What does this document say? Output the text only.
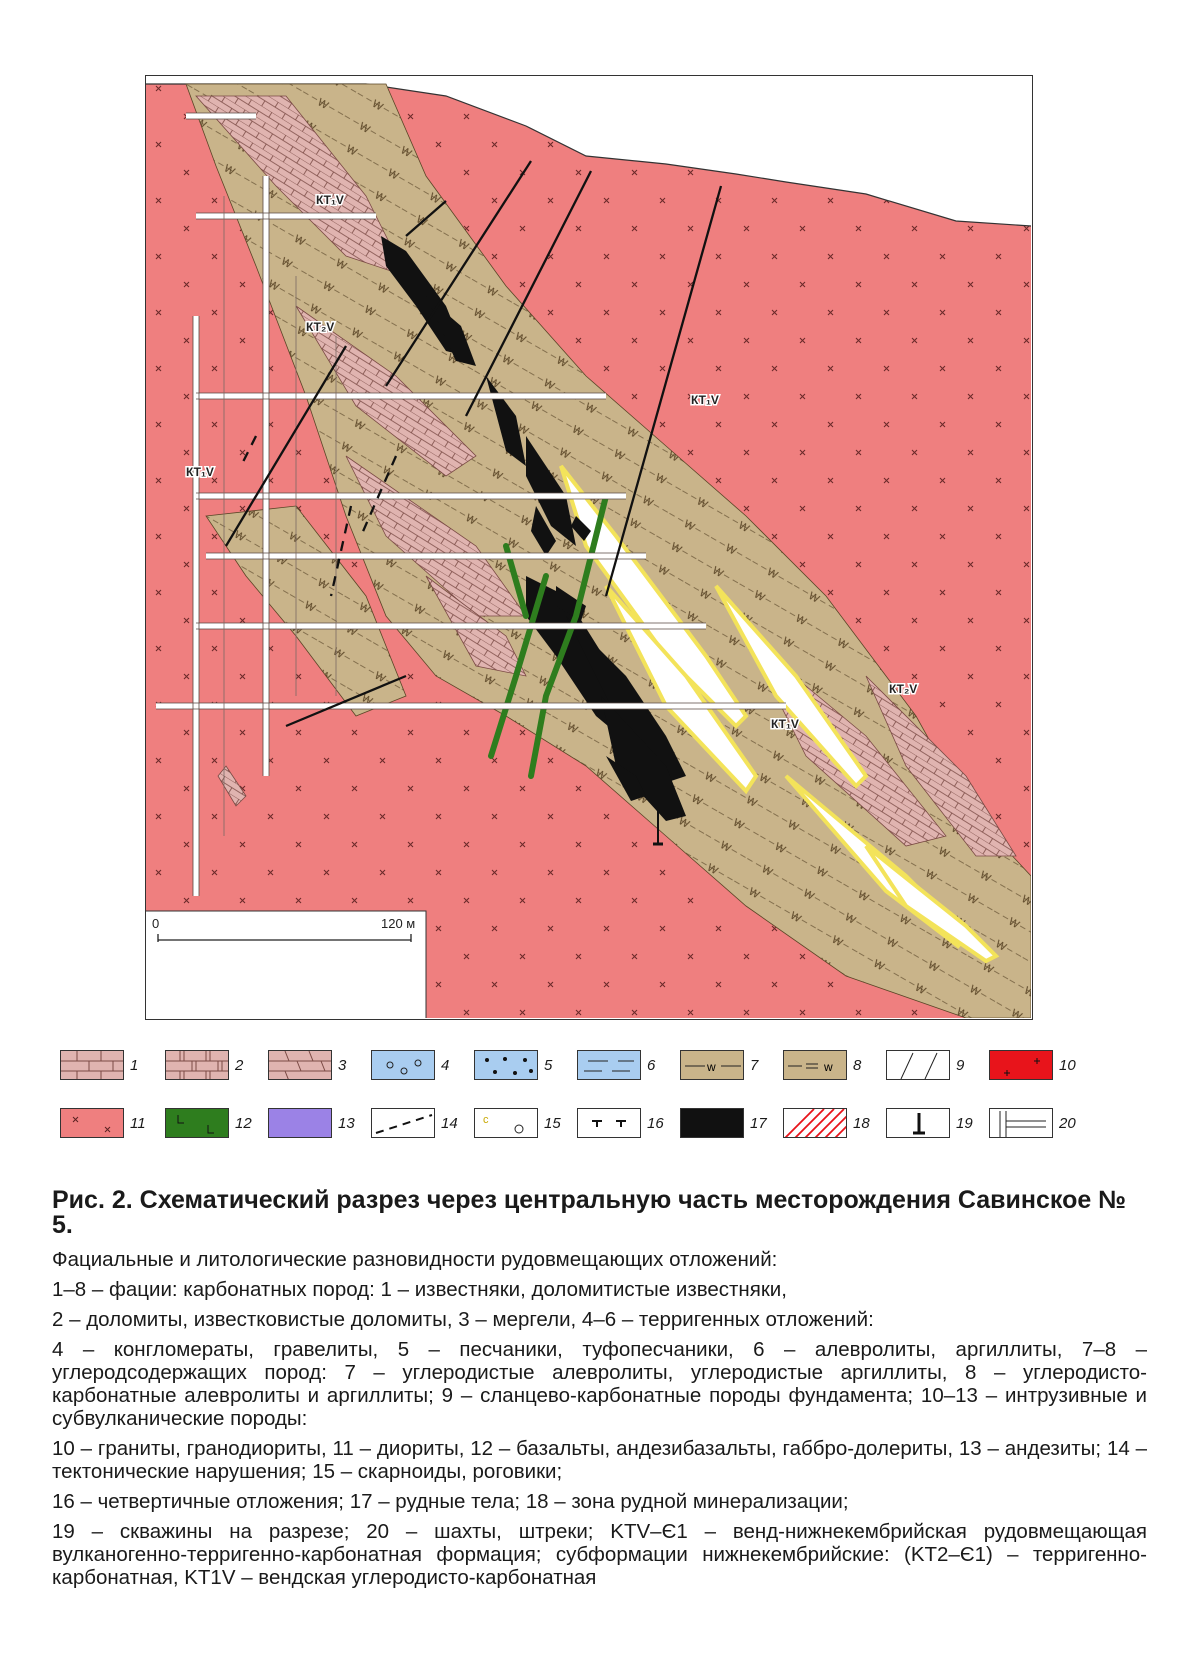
КТ₁V
КТ₂V
КТ₁V
КТ₁V
КТ₂V
КТ₁V
0	120 м
1	2	3	4	5	6	w 7	w 8	9	10
11	12	13	14 c	15	16	17	18	19	20
Рис. 2. Схематический разрез через центральную часть месторождения Савинское № 5.
Фациальные и литологические разновидности рудовмещающих отложений:
1–8 – фации: карбонатных пород: 1 – известняки, доломитистые известняки,
2 – доломиты, известковистые доломиты, 3 – мергели, 4–6 – терригенных отложений:
4 – конгломераты, гравелиты, 5 – песчаники, туфопесчаники, 6 – алевролиты, аргиллиты, 7–8 – углеродсодержащих пород: 7 – углеродистые алевролиты, углеродистые аргиллиты, 8 – углеродисто-карбонатные алевролиты и аргиллиты; 9 – сланцево-карбонатные породы фундамента; 10–13 – интрузивные и субвулканические породы:
10 – граниты, гранодиориты, 11 – диориты, 12 – базальты, андезибазальты, габбро-долериты, 13 – андезиты; 14 – тектонические нарушения; 15 – скарноиды, роговики;
16 – четвертичные отложения; 17 – рудные тела; 18 – зона рудной минерализации;
19 – скважины на разрезе; 20 – шахты, штреки; KTV–Є1 – венд-нижнекембрийская рудовмещающая вулканогенно-терригенно-карбонатная формация; субформации нижнекембрийские: (KT2–Є1) – терригенно-карбонатная, KT1V – вендская углеродисто-карбонатная
